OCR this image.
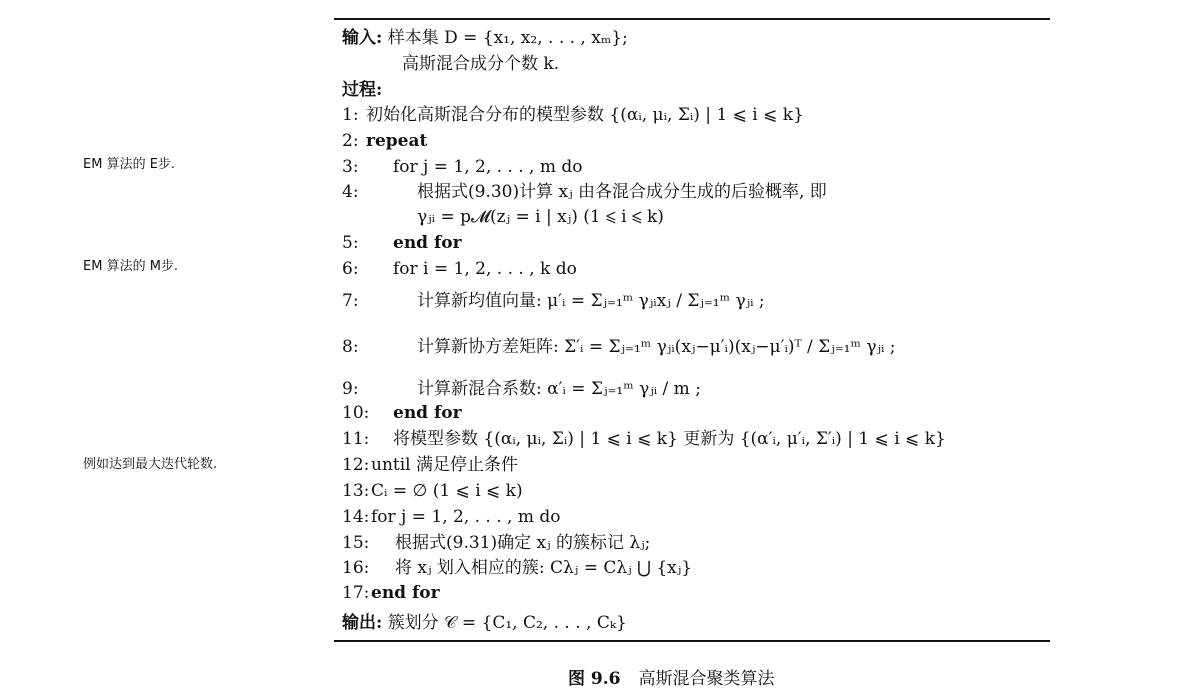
EM 算法的 E步.
EM 算法的 M步.
例如达到最大迭代轮数.
输入: 样本集 D = {x₁, x₂, . . . , xₘ};
高斯混合成分个数 k.
过程:
1: 初始化高斯混合分布的模型参数 {(αᵢ, μᵢ, Σᵢ) | 1 ⩽ i ⩽ k}
2: repeat
3: for j = 1, 2, . . . , m do
4:	根据式(9.30)计算 xⱼ 由各混合成分生成的后验概率, 即
γⱼᵢ = p𝓜(zⱼ = i | xⱼ) (1 ⩽ i ⩽ k)
5: end for
6: for i = 1, 2, . . . , k do
7:	计算新均值向量: μ′ᵢ = Σⱼ₌₁ᵐ γⱼᵢxⱼ / Σⱼ₌₁ᵐ γⱼᵢ ;
8:	计算新协方差矩阵: Σ′ᵢ = Σⱼ₌₁ᵐ γⱼᵢ(xⱼ−μ′ᵢ)(xⱼ−μ′ᵢ)ᵀ / Σⱼ₌₁ᵐ γⱼᵢ ;
9:	计算新混合系数: α′ᵢ = Σⱼ₌₁ᵐ γⱼᵢ / m ;
10: end for
11: 将模型参数 {(αᵢ, μᵢ, Σᵢ) | 1 ⩽ i ⩽ k} 更新为 {(α′ᵢ, μ′ᵢ, Σ′ᵢ) | 1 ⩽ i ⩽ k}
12:until 满足停止条件
13:Cᵢ = ∅ (1 ⩽ i ⩽ k)
14:for j = 1, 2, . . . , m do
15: 根据式(9.31)确定 xⱼ 的簇标记 λⱼ;
16: 将 xⱼ 划入相应的簇: Cλⱼ = Cλⱼ ⋃ {xⱼ}
17:end for
输出: 簇划分 𝒞 = {C₁, C₂, . . . , Cₖ}
图 9.6 高斯混合聚类算法
